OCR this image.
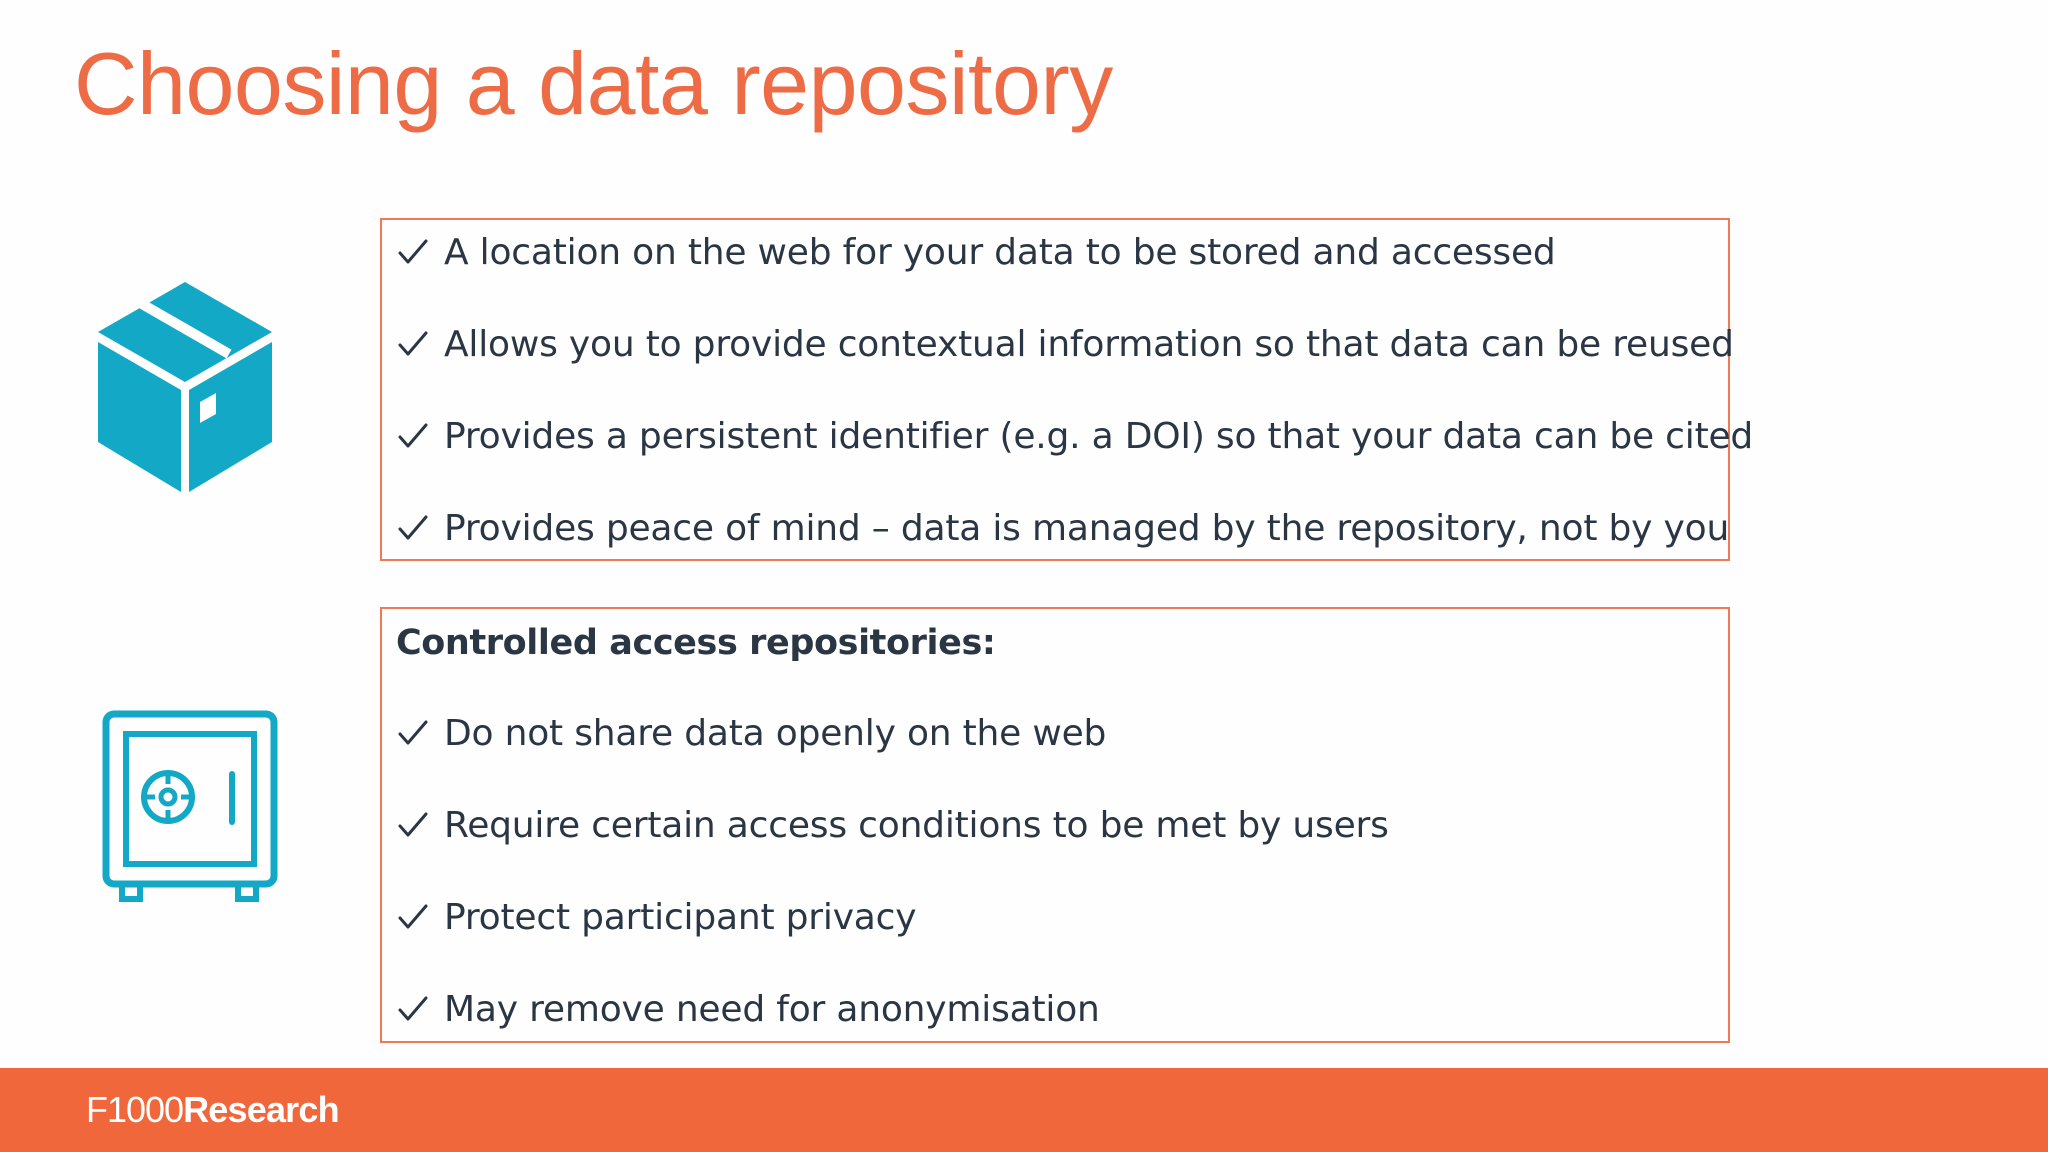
Choosing a data repository
A location on the web for your data to be stored and accessed
Allows you to provide contextual information so that data can be reused
Provides a persistent identifier (e.g. a DOI) so that your data can be cited
Provides peace of mind – data is managed by the repository, not by you
Controlled access repositories:
Do not share data openly on the web
Require certain access conditions to be met by users
Protect participant privacy
May remove need for anonymisation
F1000 Research
